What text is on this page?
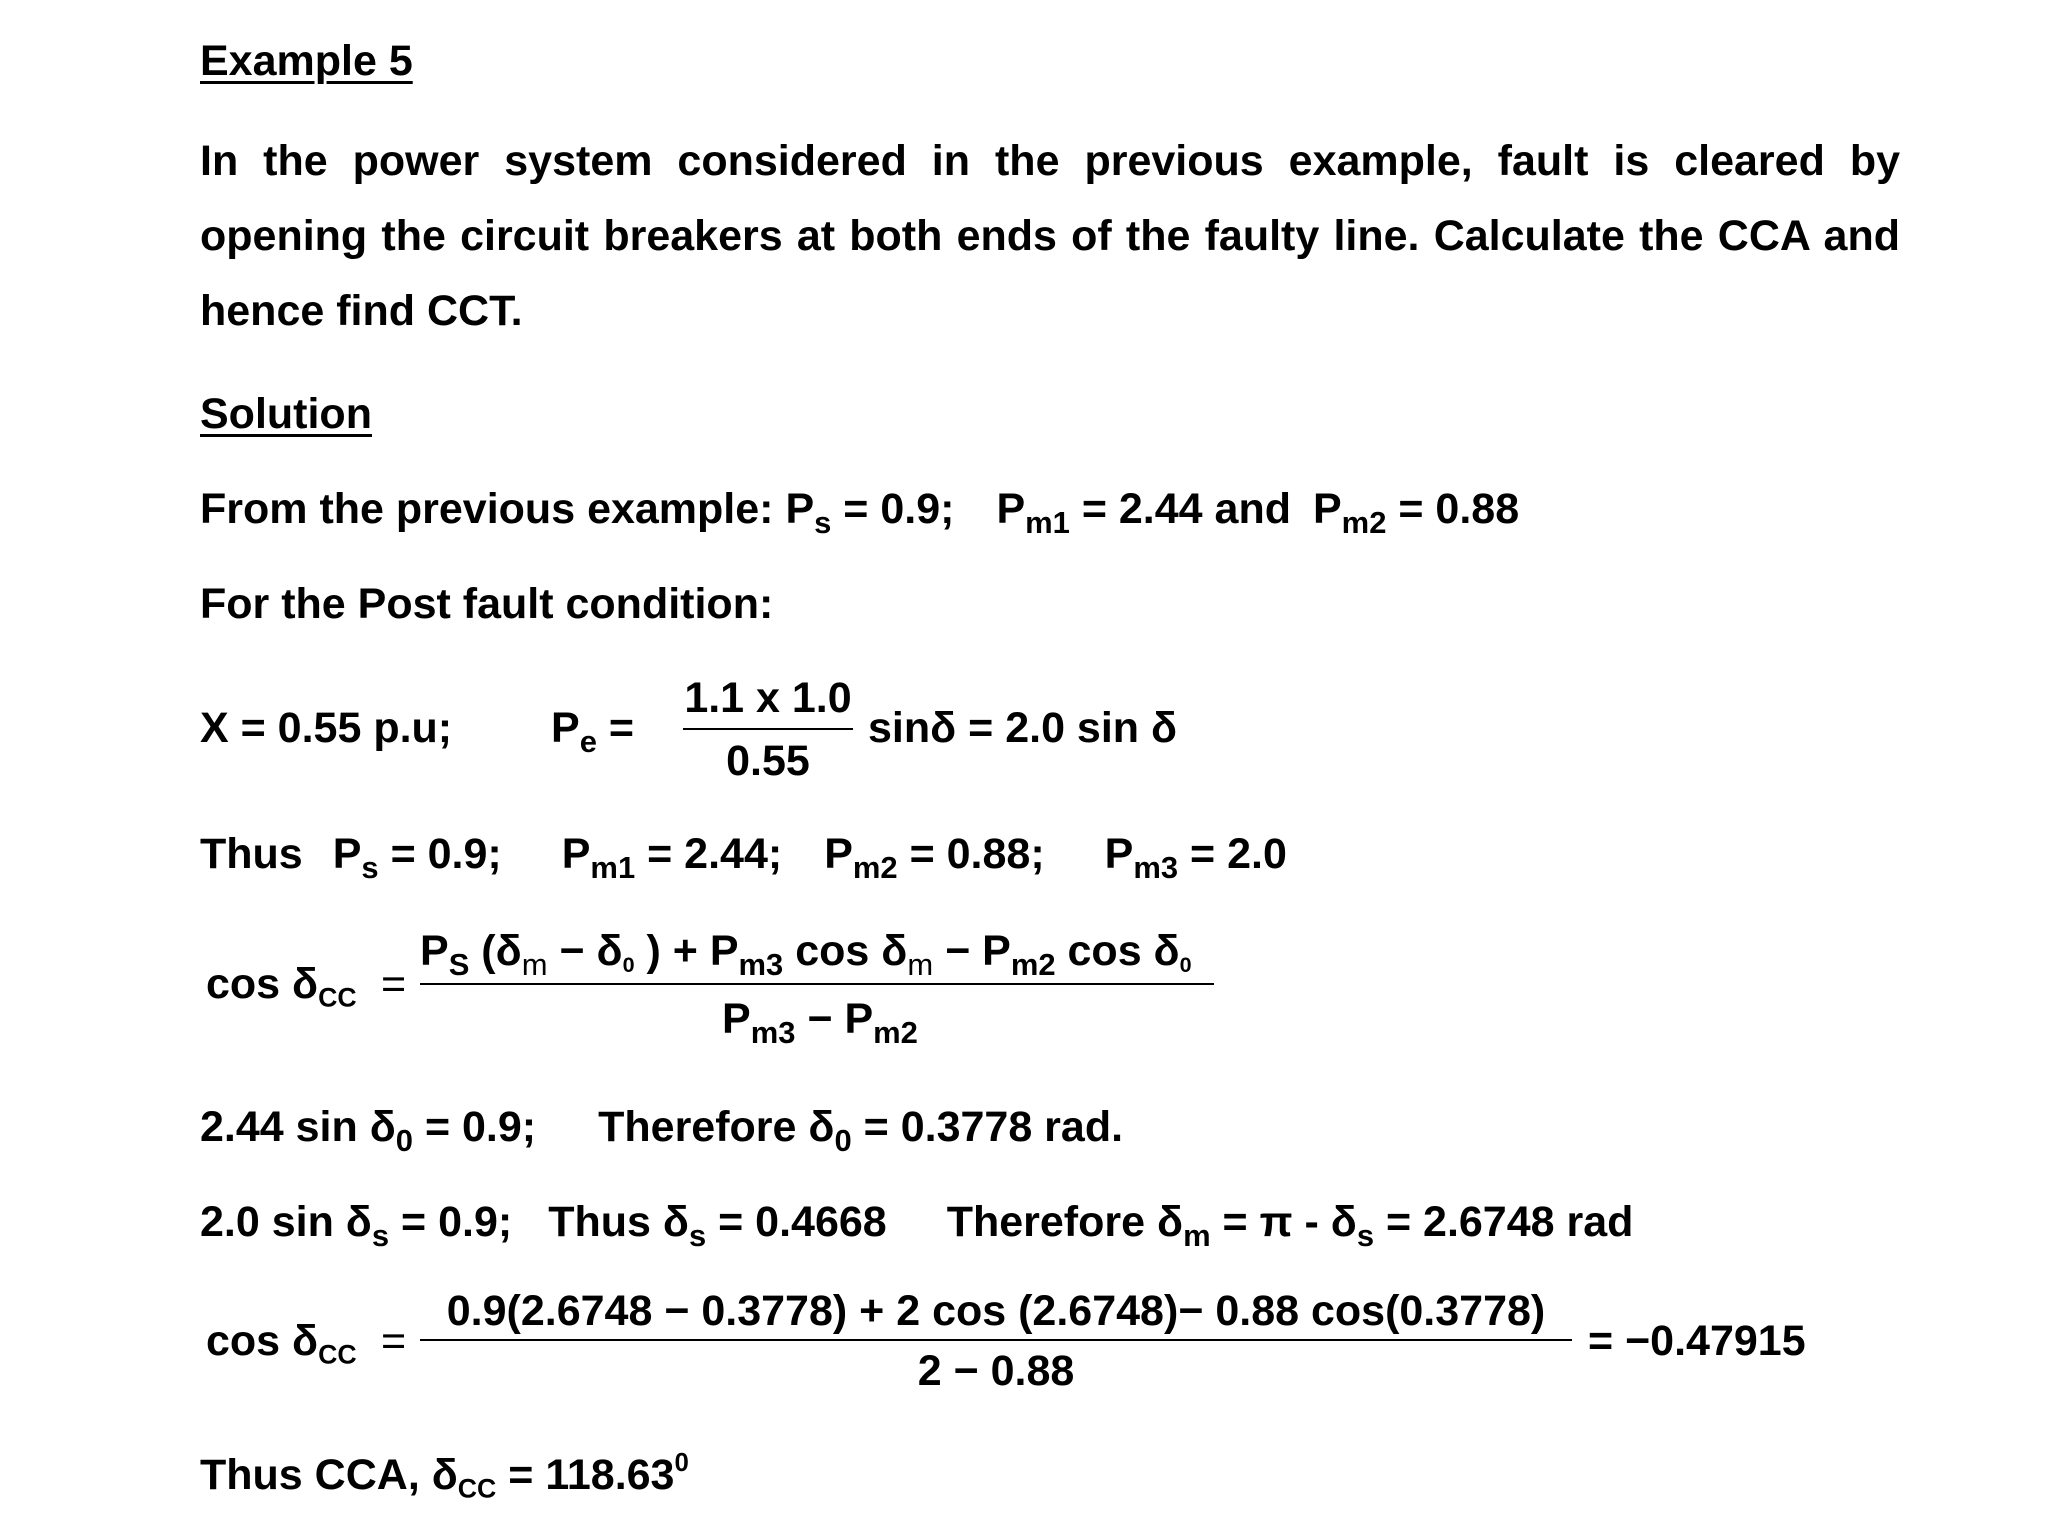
Example 5
In the power system considered in the previous example, fault is cleared by opening the circuit breakers at both ends of the faulty line. Calculate the CCA and hence find CCT.
Solution
From the previous example: $P_s = 0.9$; $P_{m1} = 2.44$ and $P_{m2} = 0.88$
For the Post fault condition:
X = 0.55 p.u; $P_e$ =
1.1 x 1.0
0.55
sinδ = 2.0 sin δ
Thus $P_s = 0.9$; $P_{m1} = 2.44$; $P_{m2} = 0.88$; $P_{m3} = 2.0$
$\cos \delta_{CC}$ =
$P_S$ ($\delta_m - \delta_0$ ) + $P_{m3}$ $\cos \delta_m - P_{m2}$ $\cos \delta_0$
$P_{m3} - P_{m2}$
2.44 $\sin \delta_0 = 0.9$; Therefore $\delta_0 = 0.3778$ rad.
2.0 $\sin \delta_s = 0.9$; Thus $\delta_s = 0.4668$ Therefore $\delta_m = \pi - \delta_s = 2.6748$ rad
$\cos \delta_{CC}$ =
0.9(2.6748 − 0.3778) + 2 cos (2.6748)− 0.88 cos(0.3778)
2 − 0.88
= −0.47915
Thus CCA, $\delta_{CC} = 118.63^0$
